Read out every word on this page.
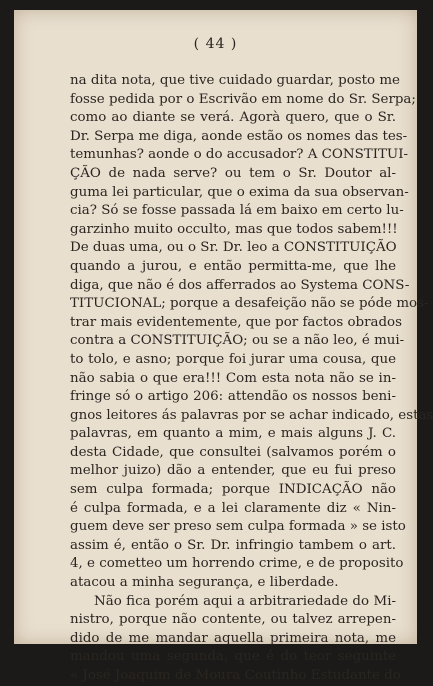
( 44 )
na dita nota, que tive cuidado guardar, posto me
fosse pedida por o Escrivão em nome do Sr. Serpa;
como ao diante se verá. Agorà quero, que o Sr.
Dr. Serpa me diga, aonde estão os nomes das tes-
temunhas? aonde o do accusador? A CONSTITUI-
ÇÃO de nada serve? ou tem o Sr. Doutor al-
guma lei particular, que o exima da sua observan-
cia? Só se fosse passada lá em baixo em certo lu-
garzinho muito occulto, mas que todos sabem!!!
De duas uma, ou o Sr. Dr. leo a CONSTITUIÇÃO
quando a jurou, e então permitta-me, que lhe
diga, que não é dos afferrados ao Systema CONS-
TITUCIONAL; porque a desafeição não se póde mos-
trar mais evidentemente, que por factos obrados
contra a CONSTITUIÇÃO; ou se a não leo, é mui-
to tolo, e asno; porque foi jurar uma cousa, que
não sabia o que era!!! Com esta nota não se in-
fringe só o artigo 206: attendão os nossos beni-
gnos leitores ás palavras por se achar indicado, estas
palavras, em quanto a mim, e mais alguns J. C.
desta Cidade, que consultei (salvamos porém o
melhor juizo) dão a entender, que eu fui preso
sem culpa formada; porque INDICAÇÃO não
é culpa formada, e a lei claramente diz « Nin-
guem deve ser preso sem culpa formada » se isto
assim é, então o Sr. Dr. infringio tambem o art.
4, e cometteo um horrendo crime, e de proposito
atacou a minha segurança, e liberdade.
Não fica porém aqui a arbitrariedade do Mi-
nistro, porque não contente, ou talvez arrepen-
dido de me mandar aquella primeira nota, me
mandou uma segunda, que é do teor seguinte
« José Joaquim de Moura Coutinho Estudante do
